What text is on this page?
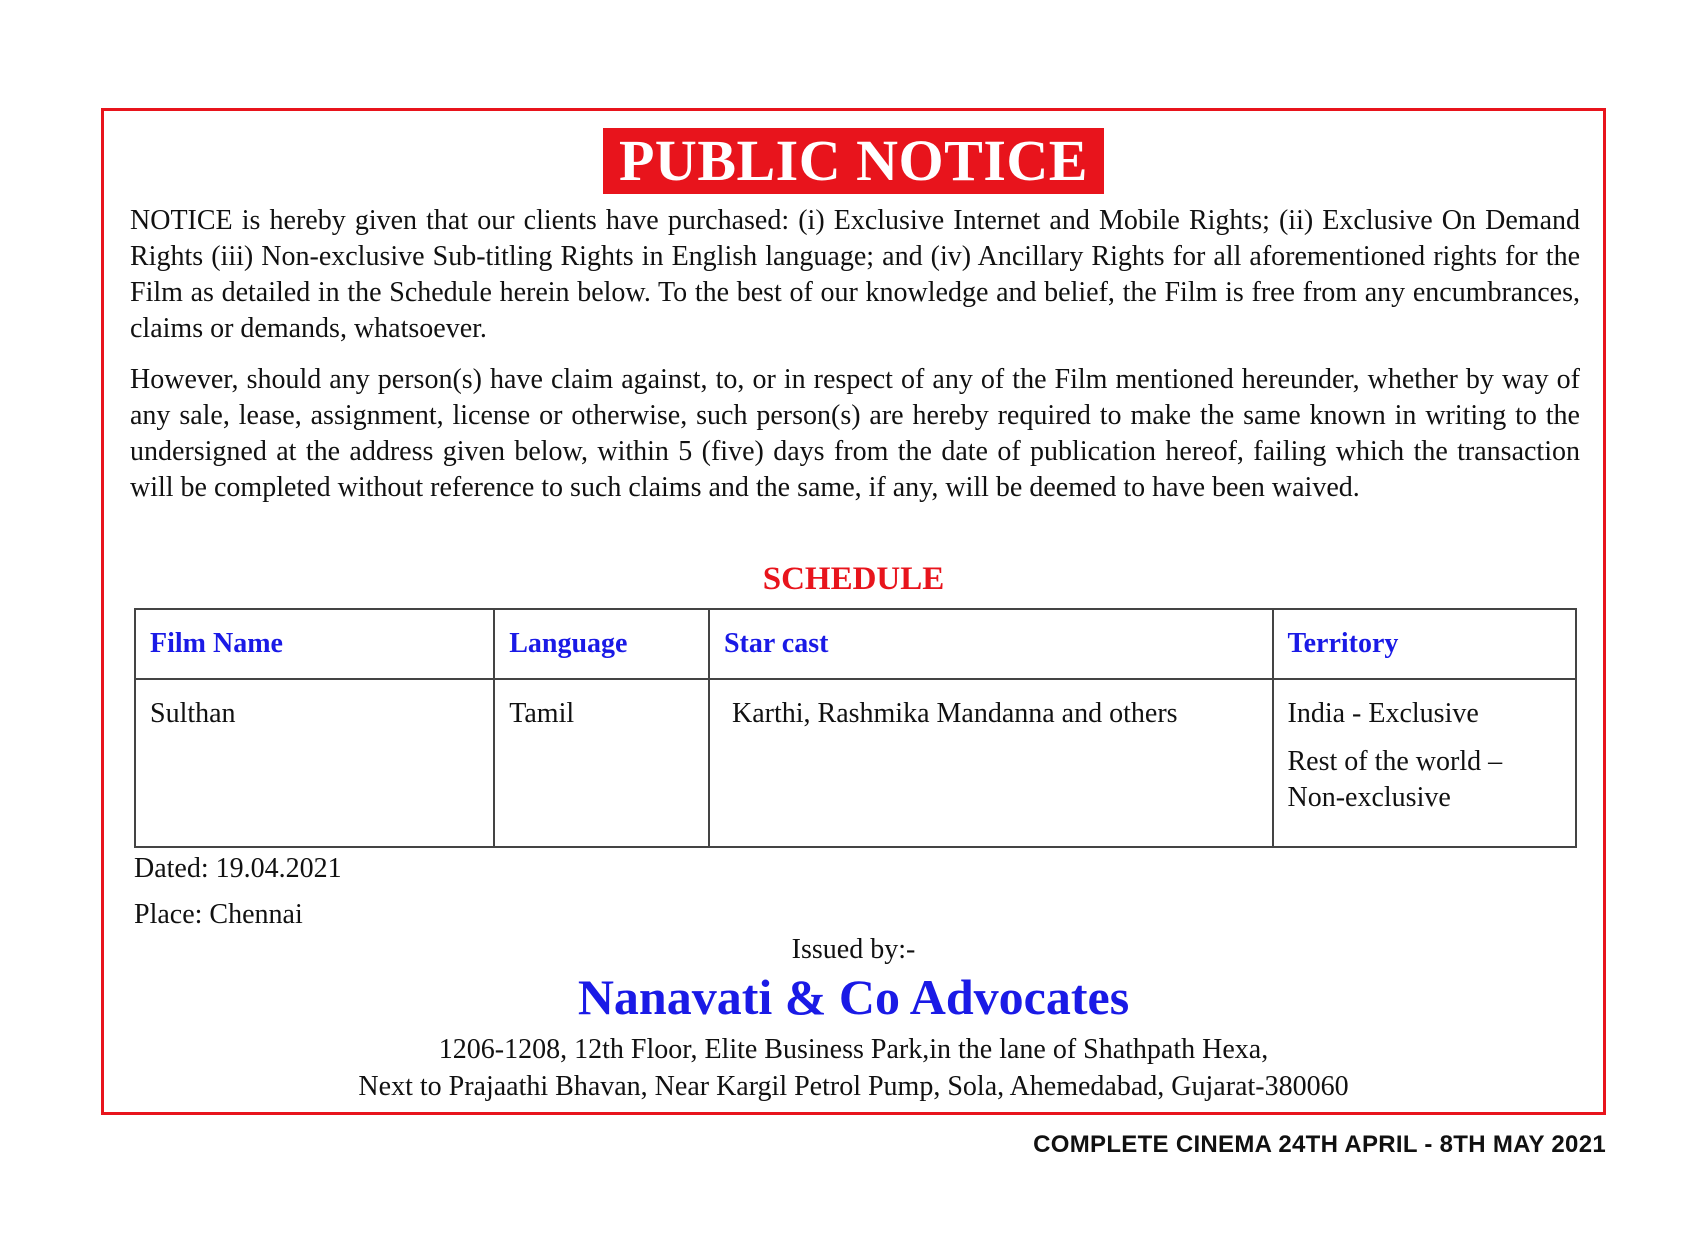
PUBLIC NOTICE

NOTICE is hereby given that our clients have purchased: (i) Exclusive Internet and Mobile Rights; (ii) Exclusive On Demand Rights (iii) Non-exclusive Sub-titling Rights in English language; and (iv) Ancillary Rights for all aforementioned rights for the Film as detailed in the Schedule herein below. To the best of our knowledge and belief, the Film is free from any encumbrances, claims or demands, whatsoever.

However, should any person(s) have claim against, to, or in respect of any of the Film mentioned hereunder, whether by way of any sale, lease, assignment, license or otherwise, such person(s) are hereby required to make the same known in writing to the undersigned at the address given below, within 5 (five) days from the date of publication hereof, failing which the transaction will be completed without reference to such claims and the same, if any, will be deemed to have been waived.

SCHEDULE
Film Name	Language	Star cast	Territory
Sulthan	Tamil	Karthi, Rashmika Mandanna and others	India - Exclusive
Rest of the world – Non-exclusive
Dated: 19.04.2021
Place: Chennai
Issued by:-
Nanavati & Co Advocates
1206-1208, 12th Floor, Elite Business Park,in the lane of Shathpath Hexa,
Next to Prajaathi Bhavan, Near Kargil Petrol Pump, Sola, Ahemedabad, Gujarat-380060
COMPLETE CINEMA 24TH APRIL - 8TH MAY 2021
